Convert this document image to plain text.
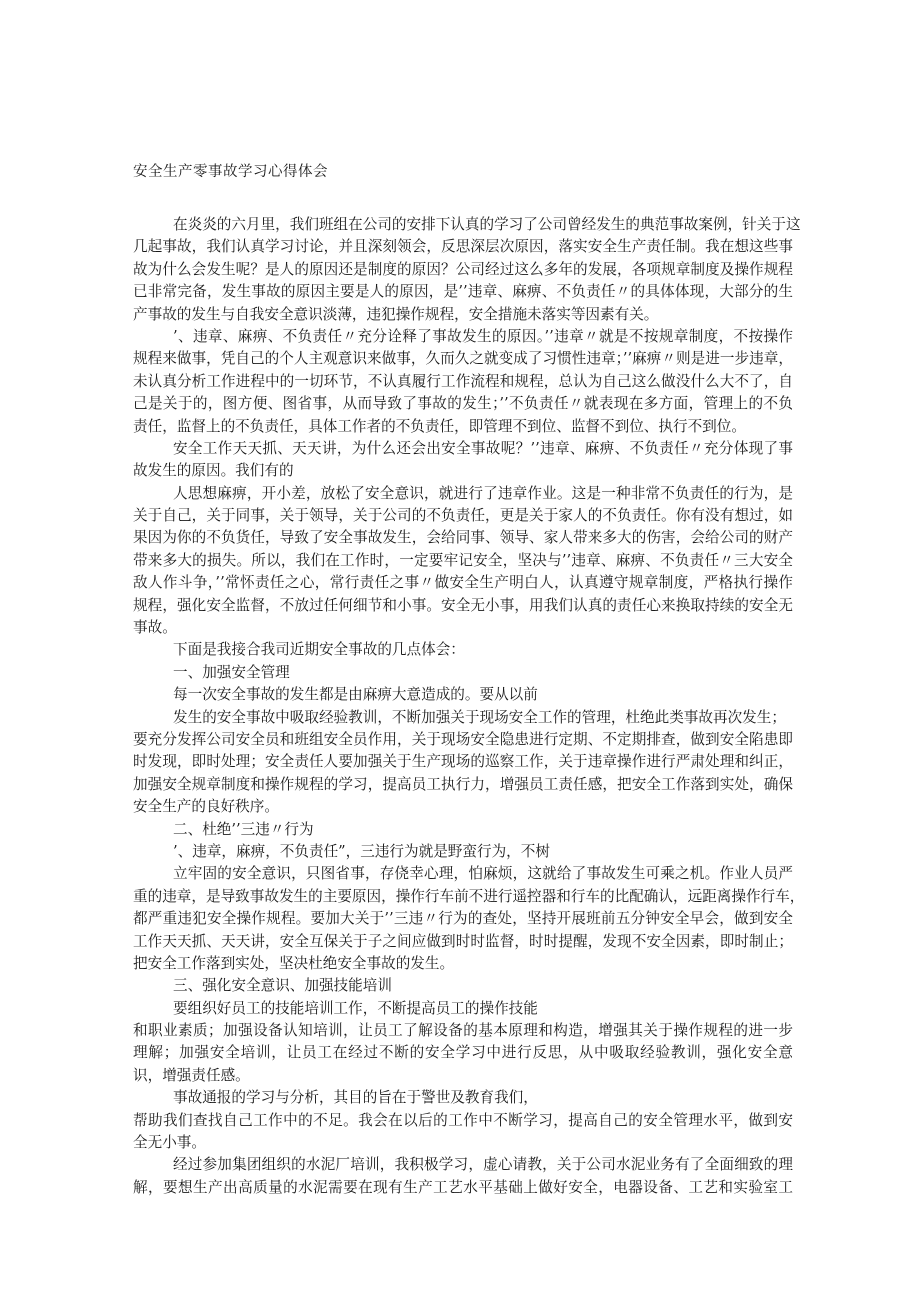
安全生产零事故学习心得体会
在炎炎的六月里，我们班组在公司的安排下认真的学习了公司曾经发生的典范事故案例，针关于这
几起事故，我们认真学习讨论，并且深刻领会，反思深层次原因，落实安全生产责任制。我在想这些事
故为什么会发生呢？是人的原因还是制度的原因？公司经过这么多年的发展，各项规章制度及操作规程
已非常完备，发生事故的原因主要是人的原因，是’’违章、麻痹、不负责任〃的具体体现，大部分的生
产事故的发生与自我安全意识淡薄，违犯操作规程，安全措施未落实等因素有关。
’、违章、麻痹、不负责任〃充分诠释了事故发生的原因。’’违章〃就是不按规章制度，不按操作
规程来做事，凭自己的个人主观意识来做事，久而久之就变成了习惯性违章；’’麻痹〃则是进一步违章，
未认真分析工作进程中的一切环节，不认真履行工作流程和规程，总认为自己这么做没什么大不了，自
己是关于的，图方便、图省事，从而导致了事故的发生；’’不负责任〃就表现在多方面，管理上的不负
责任，监督上的不负责任，具体工作者的不负责任，即管理不到位、监督不到位、执行不到位。
安全工作天天抓、天天讲，为什么还会出安全事故呢？’’违章、麻痹、不负责任〃充分体现了事
故发生的原因。我们有的
人思想麻痹，开小差，放松了安全意识，就进行了违章作业。这是一种非常不负责任的行为，是
关于自己，关于同事，关于领导，关于公司的不负责任，更是关于家人的不负责任。你有没有想过，如
果因为你的不负货任，导致了安全事故发生，会给同事、领导、家人带来多大的伤害，会给公司的财产
带来多大的损失。所以，我们在工作时，一定要牢记安全，坚决与’’违章、麻痹、不负责任〃三大安全
敌人作斗争，’’常怀责任之心，常行责任之事〃做安全生产明白人，认真遵守规章制度，严格执行操作
规程，强化安全监督，不放过任何细节和小事。安全无小事，用我们认真的责任心来换取持续的安全无
事故。
下面是我接合我司近期安全事故的几点体会：
一、加强安全管理
每一次安全事故的发生都是由麻痹大意造成的。要从以前
发生的安全事故中吸取经验教训，不断加强关于现场安全工作的管理，杜绝此类事故再次发生；
要充分发挥公司安全员和班组安全员作用，关于现场安全隐患进行定期、不定期排查，做到安全陷患即
时发现，即时处理；安全责任人要加强关于生产现场的巡察工作，关于违章操作进行严肃处理和纠正，
加强安全规章制度和操作规程的学习，提高员工执行力，增强员工责任感，把安全工作落到实处，确保
安全生产的良好秩序。
二、杜绝’’三违〃行为
’、违章，麻痹，不负责任”，三违行为就是野蛮行为，不树
立牢固的安全意识，只图省事，存侥幸心理，怕麻烦，这就给了事故发生可乘之机。作业人员严
重的违章，是导致事故发生的主要原因，操作行车前不进行遥控器和行车的比配确认，远距离操作行车，
都严重违犯安全操作规程。要加大关于’’三违〃行为的查处，坚持开展班前五分钟安全早会，做到安全
工作天天抓、天天讲，安全互保关于子之间应做到时时监督，时时提醒，发现不安全因素，即时制止；
把安全工作落到实处，坚决杜绝安全事故的发生。
三、强化安全意识、加强技能培训
要组织好员工的技能培训工作，不断提高员工的操作技能
和职业素质；加强设备认知培训，让员工了解设备的基本原理和构造，增强其关于操作规程的进一步
理解；加强安全培训，让员工在经过不断的安全学习中进行反思，从中吸取经验教训，强化安全意
识，增强责任感。
事故通报的学习与分析，其目的旨在于警世及教育我们，
帮助我们查找自己工作中的不足。我会在以后的工作中不断学习，提高自己的安全管理水平，做到安
全无小事。
经过参加集团组织的水泥厂培训，我积极学习，虚心请教，关于公司水泥业务有了全面细致的理
解，要想生产出高质量的水泥需要在现有生产工艺水平基础上做好安全，电器设备、工艺和实验室工
